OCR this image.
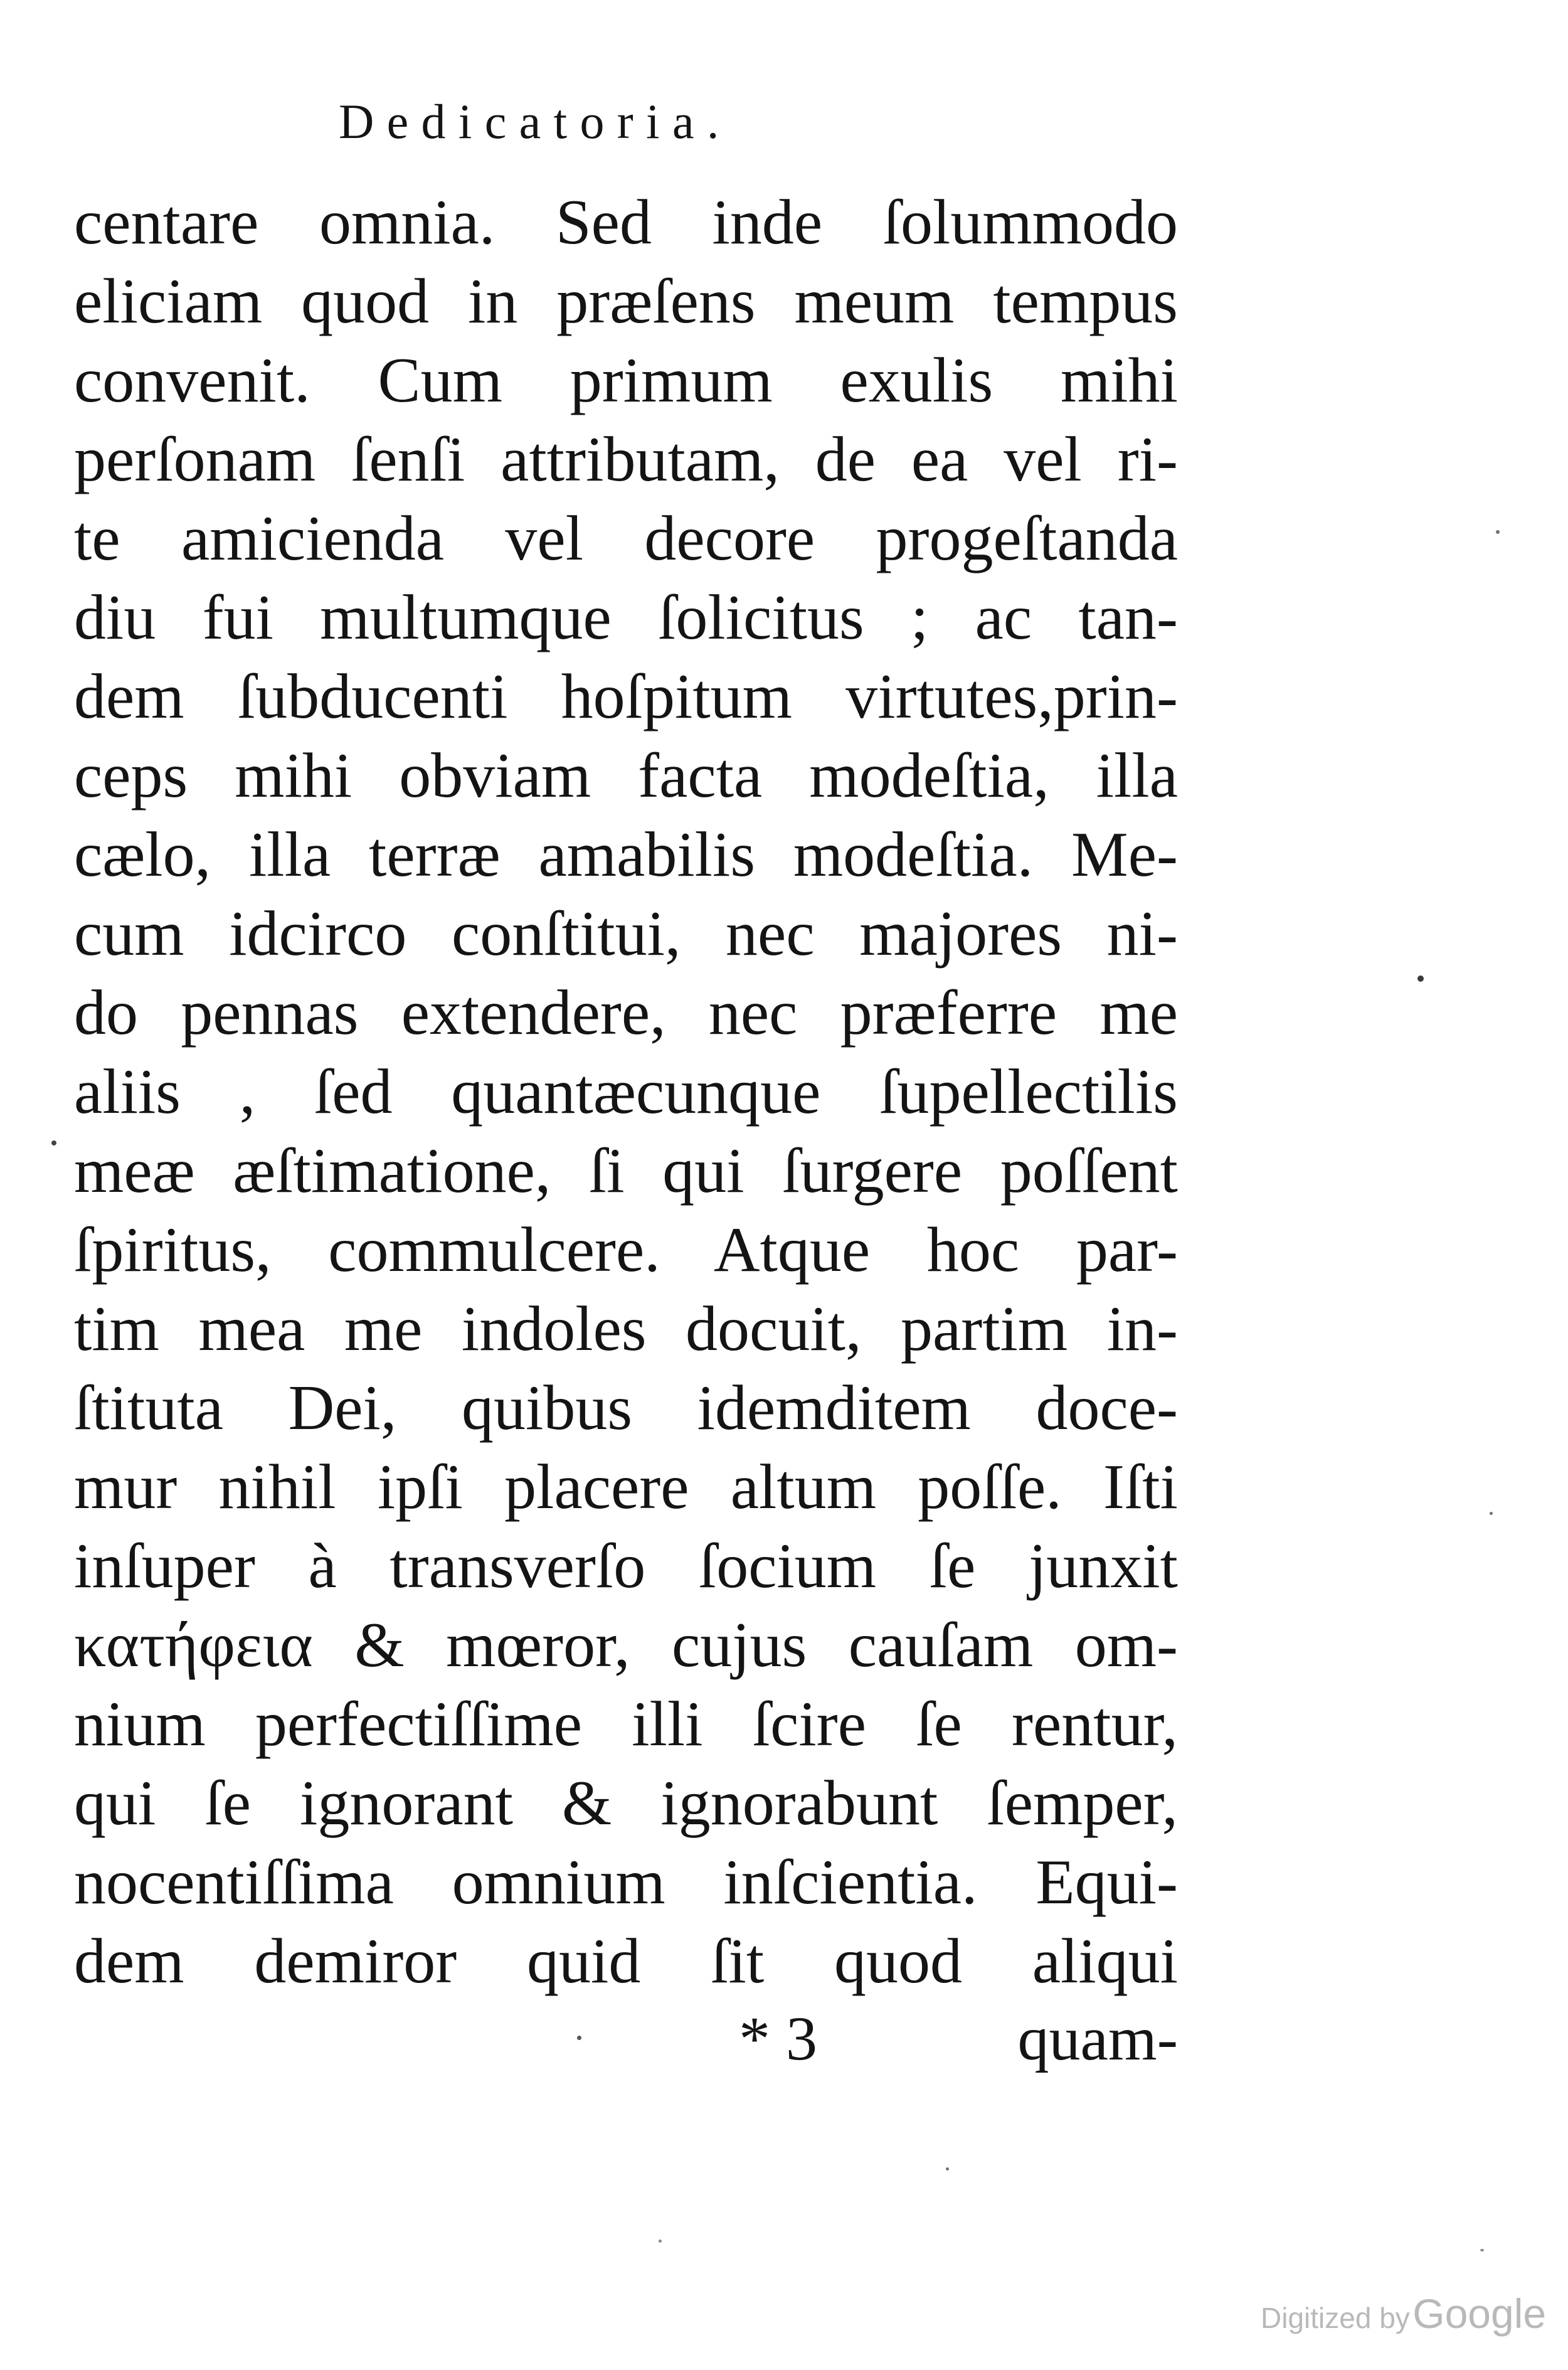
Dedicatoria.
centare omnia. Sed inde ſolummodo
eliciam quod in præſens meum tempus
convenit. Cum primum exulis mihi
perſonam ſenſi attributam, de ea vel ri-
te amicienda vel decore progeſtanda
diu fui multumque ſolicitus ; ac tan-
dem ſubducenti hoſpitum virtutes,prin-
ceps mihi obviam facta modeſtia, illa
cælo, illa terræ amabilis modeſtia. Me-
cum idcirco conſtitui, nec majores ni-
do pennas extendere, nec præferre me
aliis , ſed quantæcunque ſupellectilis
meæ æſtimatione, ſi qui ſurgere poſſent
ſpiritus, commulcere. Atque hoc par-
tim mea me indoles docuit, partim in-
ſtituta Dei, quibus idemditem doce-
mur nihil ipſi placere altum poſſe. Iſti
inſuper à transverſo ſocium ſe junxit
κατήφεια & mœror, cujus cauſam om-
nium perfectiſſime illi ſcire ſe rentur,
qui ſe ignorant & ignorabunt ſemper,
nocentiſſima omnium inſcientia. Equi-
dem demiror quid ſit quod aliqui
* 3	quam-
Digitized by Google
